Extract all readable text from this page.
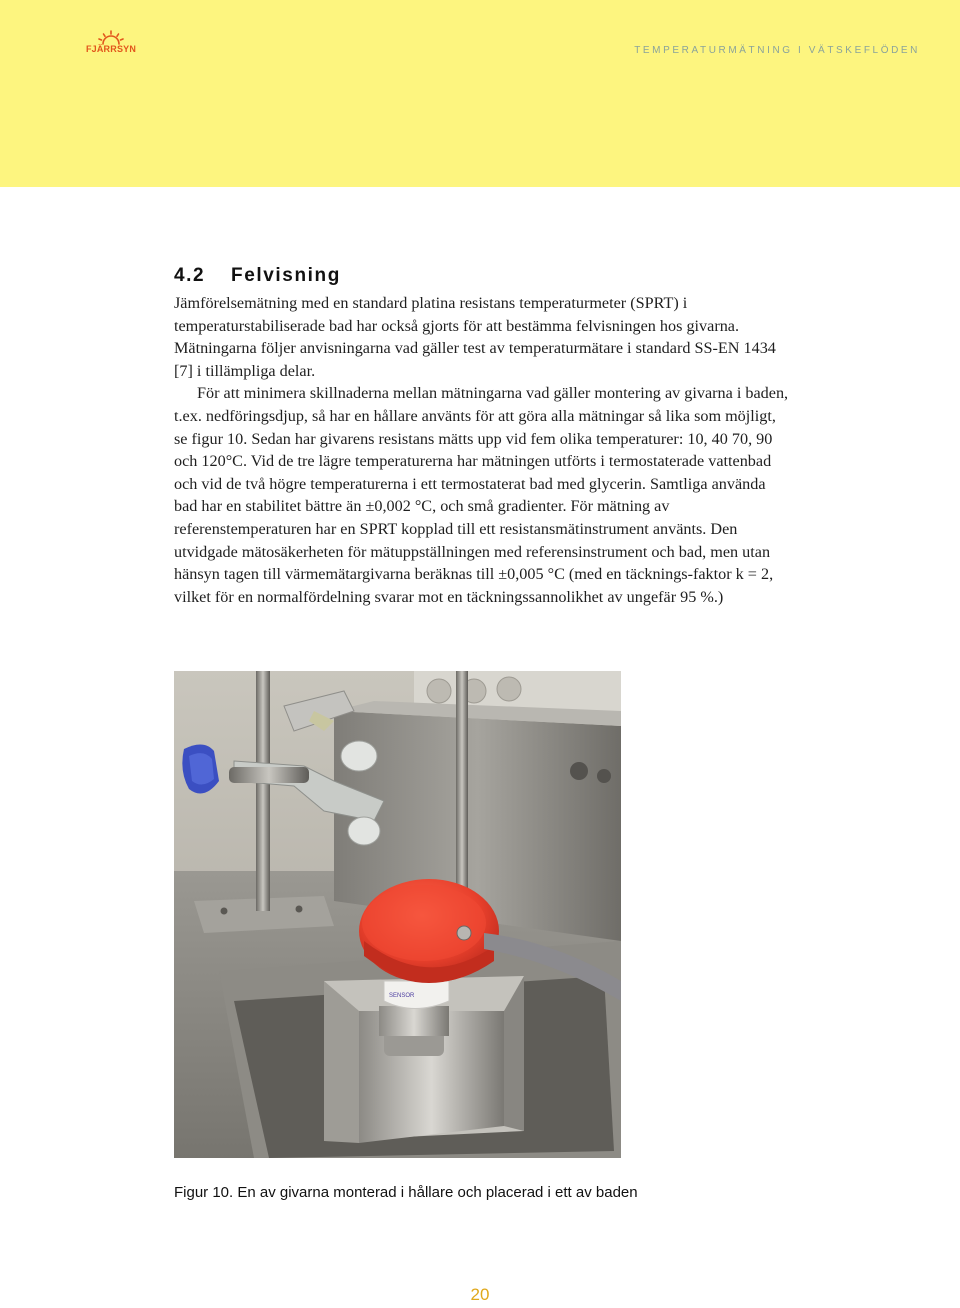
FJÄRRSYN	TEMPERATURMÄTNING I VÄTSKEFLÖDEN
4.2 Felvisning

Jämförelsemätning med en standard platina resistans temperaturmeter (SPRT) i temperaturstabiliserade bad har också gjorts för att bestämma felvisningen hos givarna. Mätningarna följer anvisningarna vad gäller test av temperaturmätare i standard SS-EN 1434 [7] i tillämpliga delar.

För att minimera skillnaderna mellan mätningarna vad gäller montering av givarna i baden, t.ex. nedföringsdjup, så har en hållare använts för att göra alla mätningar så lika som möjligt, se figur 10. Sedan har givarens resistans mätts upp vid fem olika temperaturer: 10, 40 70, 90 och 120°C. Vid de tre lägre temperaturerna har mätningen utförts i termostaterade vattenbad och vid de två högre temperaturerna i ett termostaterat bad med glycerin. Samtliga använda bad har en stabilitet bättre än ±0,002 °C, och små gradienter. För mätning av referenstemperaturen har en SPRT kopplad till ett resistansmätinstrument använts. Den utvidgade mätosäkerheten för mätuppställningen med referensinstrument och bad, men utan hänsyn tagen till värmemätargivarna beräknas till ±0,005 °C (med en täcknings-faktor k = 2, vilket för en normalfördelning svarar mot en täckningssannolikhet av ungefär 95 %.)

SENSOR
Figur 10. En av givarna monterad i hållare och placerad i ett av baden
20
